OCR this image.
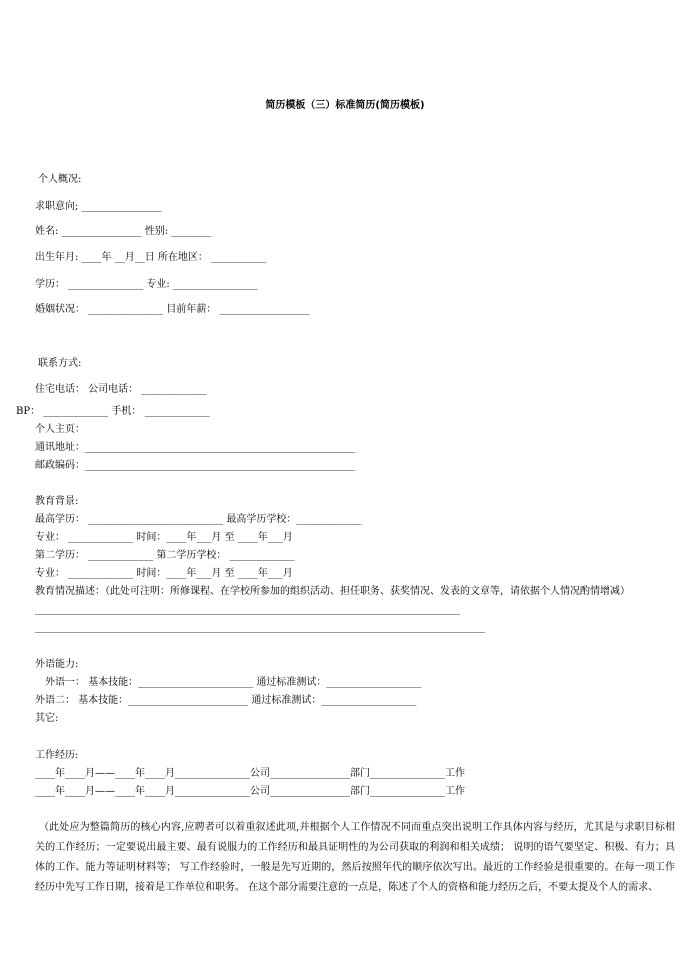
简历模板（三）标准简历(简历模板)
个人概况:
求职意向; ________________
姓名: ________________ 性别: ________
出生年月: ____年 __月__日 所在地区： ___________
学历： _______________ 专业: _________________
婚姻状况： _______________ 目前年薪： __________________
联系方式:
住宅电话： 公司电话： _____________
BP： _____________ 手机： _____________
个人主页：
通讯地址：______________________________________________________
邮政编码：______________________________________________________
教育背景:
最高学历： ___________________________ 最高学历学校：_____________
专业： _____________ 时间：____年___月 至 ____年___月
第二学历： _____________ 第二学历学校： _____________
专业： _____________ 时间：____年___月 至 ____年___月
教育情况描述：（此处可注明：所修课程、在学校所参加的组织活动、担任职务、获奖情况、发表的文章等，请依据个人情况酌情增减）
_____________________________________________________________________________________
__________________________________________________________________________________________
外语能力:
外语一： 基本技能：_______________________ 通过标准测试：___________________
外语二： 基本技能：________________________ 通过标准测试：___________________
其它:
工作经历:
____年____月——____年____月_______________公司________________部门_______________工作
____年____月——____年____月_______________公司________________部门_______________工作
（此处应为整篇简历的核心内容,应聘者可以着重叙述此项,并根据个人工作情况不同而重点突出说明工作具体内容与经历，尤其是与求职目标相关的工作经历；一定要说出最主要、最有说服力的工作经历和最具证明性的为公司获取的利润和相关成绩； 说明的语气要坚定、积极、有力；具体的工作、能力等证明材料等； 写工作经验时，一般是先写近期的，然后按照年代的顺序依次写出。最近的工作经验是很重要的。在每一项工作经历中先写工作日期，接着是工作单位和职务。 在这个部分需要注意的一点是，陈述了个人的资格和能力经历之后，不要太提及个人的需求、
